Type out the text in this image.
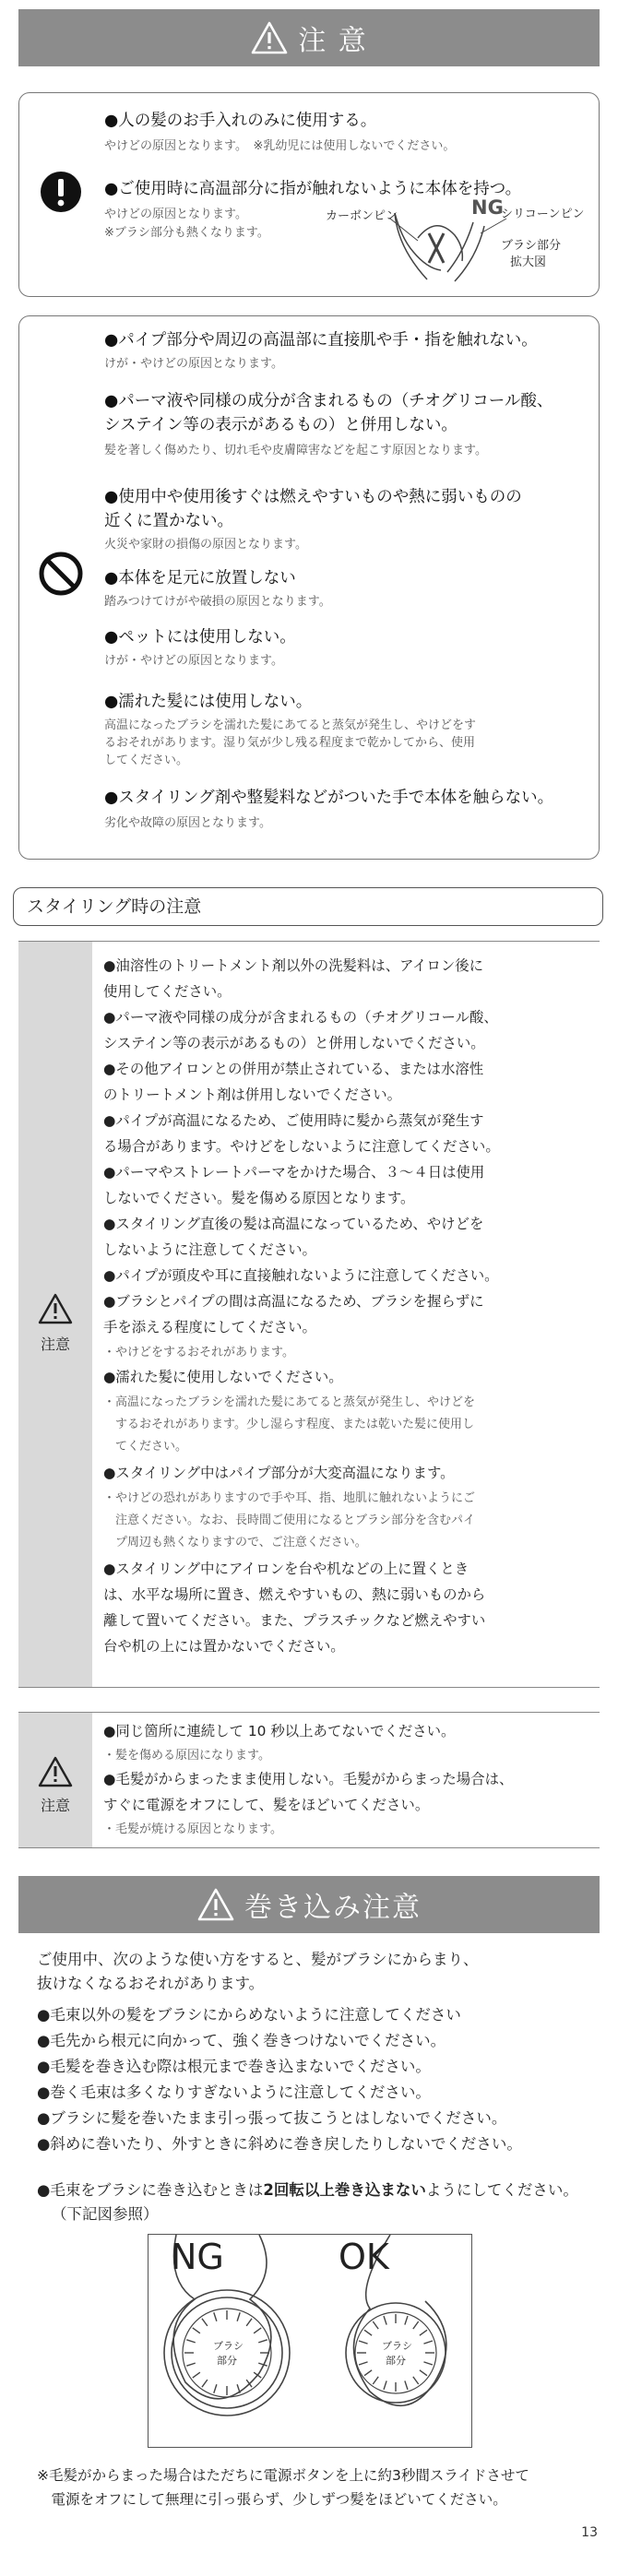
注 意
●人の髪のお手入れのみに使用する。
やけどの原因となります。　※乳幼児には使用しないでください。
●ご使用時に高温部分に指が触れないように本体を持つ。
やけどの原因となります。
※ブラシ部分も熱くなります。
カーボンピン	NG
シリコーンピン
ブラシ部分
拡大図
●パイプ部分や周辺の高温部に直接肌や手・指を触れない。
けが・やけどの原因となります。
●パーマ液や同様の成分が含まれるもの（チオグリコール酸、
システイン等の表示があるもの）と併用しない。
髪を著しく傷めたり、切れ毛や皮膚障害などを起こす原因となります。
●使用中や使用後すぐは燃えやすいものや熱に弱いものの
近くに置かない。
火災や家財の損傷の原因となります。
●本体を足元に放置しない
踏みつけてけがや破損の原因となります。
●ペットには使用しない。
けが・やけどの原因となります。
●濡れた髪には使用しない。
高温になったブラシを濡れた髪にあてると蒸気が発生し、やけどをす
るおそれがあります。湿り気が少し残る程度まで乾かしてから、使用
してください。
●スタイリング剤や整髪料などがついた手で本体を触らない。
劣化や故障の原因となります。
スタイリング時の注意
注意
●油溶性のトリートメント剤以外の洗髪料は、アイロン後に
使用してください。
●パーマ液や同様の成分が含まれるもの（チオグリコール酸、
システイン等の表示があるもの）と併用しないでください。
●その他アイロンとの併用が禁止されている、または水溶性
のトリートメント剤は併用しないでください。
●パイプが高温になるため、ご使用時に髪から蒸気が発生す
る場合があります。やけどをしないように注意してください。
●パーマやストレートパーマをかけた場合、３～４日は使用
しないでください。髪を傷める原因となります。
●スタイリング直後の髪は高温になっているため、やけどを
しないように注意してください。
●パイプが頭皮や耳に直接触れないように注意してください。
●ブラシとパイプの間は高温になるため、ブラシを握らずに
手を添える程度にしてください。
・やけどをするおそれがあります。
●濡れた髪に使用しないでください。
・高温になったブラシを濡れた髪にあてると蒸気が発生し、やけどを
　するおそれがあります。少し湿らす程度、または乾いた髪に使用し
　てください。
●スタイリング中はパイプ部分が大変高温になります。
・やけどの恐れがありますので手や耳、指、地肌に触れないようにご
　注意ください。なお、長時間ご使用になるとブラシ部分を含むパイ
　プ周辺も熱くなりますので、ご注意ください。
●スタイリング中にアイロンを台や机などの上に置くとき
は、水平な場所に置き、燃えやすいもの、熱に弱いものから
離して置いてください。また、プラスチックなど燃えやすい
台や机の上には置かないでください。
注意
●同じ箇所に連続して 10 秒以上あてないでください。
・髪を傷める原因になります。
●毛髪がからまったまま使用しない。毛髪がからまった場合は、
すぐに電源をオフにして、髪をほどいてください。
・毛髪が焼ける原因となります。
巻き込み注意
ご使用中、次のような使い方をすると、髪がブラシにからまり、
抜けなくなるおそれがあります。
●毛束以外の髪をブラシにからめないように注意してください
●毛先から根元に向かって、強く巻きつけないでください。
●毛髪を巻き込む際は根元まで巻き込まないでください。
●巻く毛束は多くなりすぎないように注意してください。
●ブラシに髪を巻いたまま引っ張って抜こうとはしないでください。
●斜めに巻いたり、外すときに斜めに巻き戻したりしないでください。
●毛束をブラシに巻き込むときは2回転以上巻き込まないようにしてください。
（下記図参照）
NG	OK
ブラシ
部分
ブラシ
部分
※毛髪がからまった場合はただちに電源ボタンを上に約3秒間スライドさせて
　電源をオフにして無理に引っ張らず、少しずつ髪をほどいてください。
13
